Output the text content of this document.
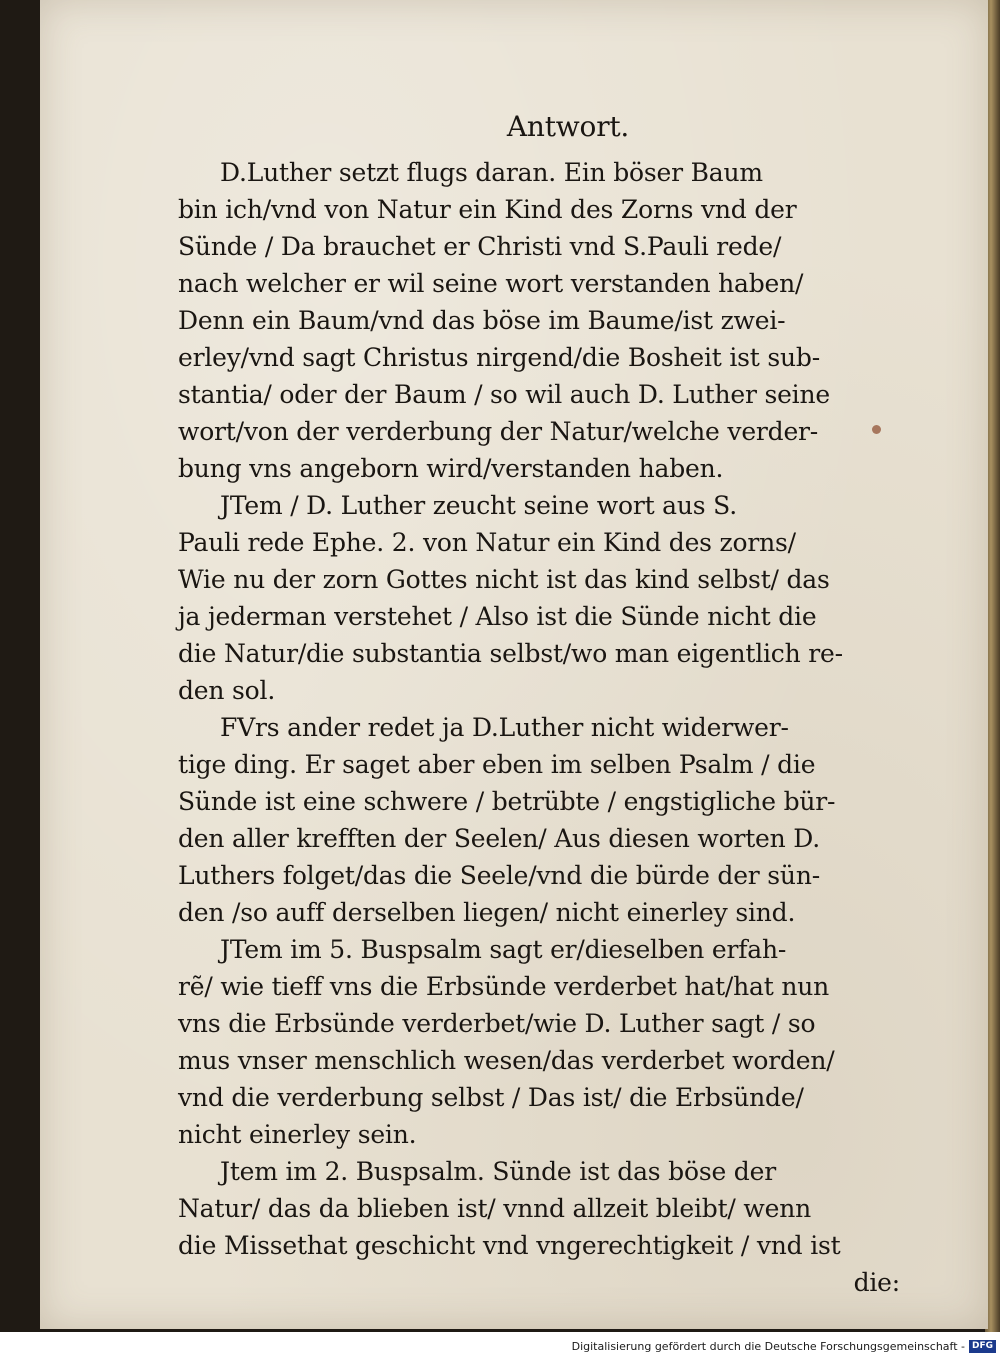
Antwort.
D.Luther setzt flugs daran. Ein böser Baum
bin ich/vnd von Natur ein Kind des Zorns vnd der
Sünde / Da brauchet er Christi vnd S.Pauli rede/
nach welcher er wil seine wort verstanden haben/
Denn ein Baum/vnd das böse im Baume/ist zwei-
erley/vnd sagt Christus nirgend/die Bosheit ist sub-
stantia/ oder der Baum / so wil auch D. Luther seine
wort/von der verderbung der Natur/welche verder-
bung vns angeborn wird/verstanden haben.
JTem / D. Luther zeucht seine wort aus S.
Pauli rede Ephe. 2. von Natur ein Kind des zorns/
Wie nu der zorn Gottes nicht ist das kind selbst/ das
ja jederman verstehet / Also ist die Sünde nicht die
die Natur/die substantia selbst/wo man eigentlich re-
den sol.
FVrs ander redet ja D.Luther nicht widerwer-
tige ding. Er saget aber eben im selben Psalm / die
Sünde ist eine schwere / betrübte / engstigliche bür-
den aller krefften der Seelen/ Aus diesen worten D.
Luthers folget/das die Seele/vnd die bürde der sün-
den /so auff derselben liegen/ nicht einerley sind.
JTem im 5. Buspsalm sagt er/dieselben erfah-
rẽ/ wie tieff vns die Erbsünde verderbet hat/hat nun
vns die Erbsünde verderbet/wie D. Luther sagt / so
mus vnser menschlich wesen/das verderbet worden/
vnd die verderbung selbst / Das ist/ die Erbsünde/
nicht einerley sein.
Jtem im 2. Buspsalm. Sünde ist das böse der
Natur/ das da blieben ist/ vnnd allzeit bleibt/ wenn
die Missethat geschicht vnd vngerechtigkeit / vnd ist
die:
Digitalisierung gefördert durch die Deutsche Forschungsgemeinschaft - DFG
